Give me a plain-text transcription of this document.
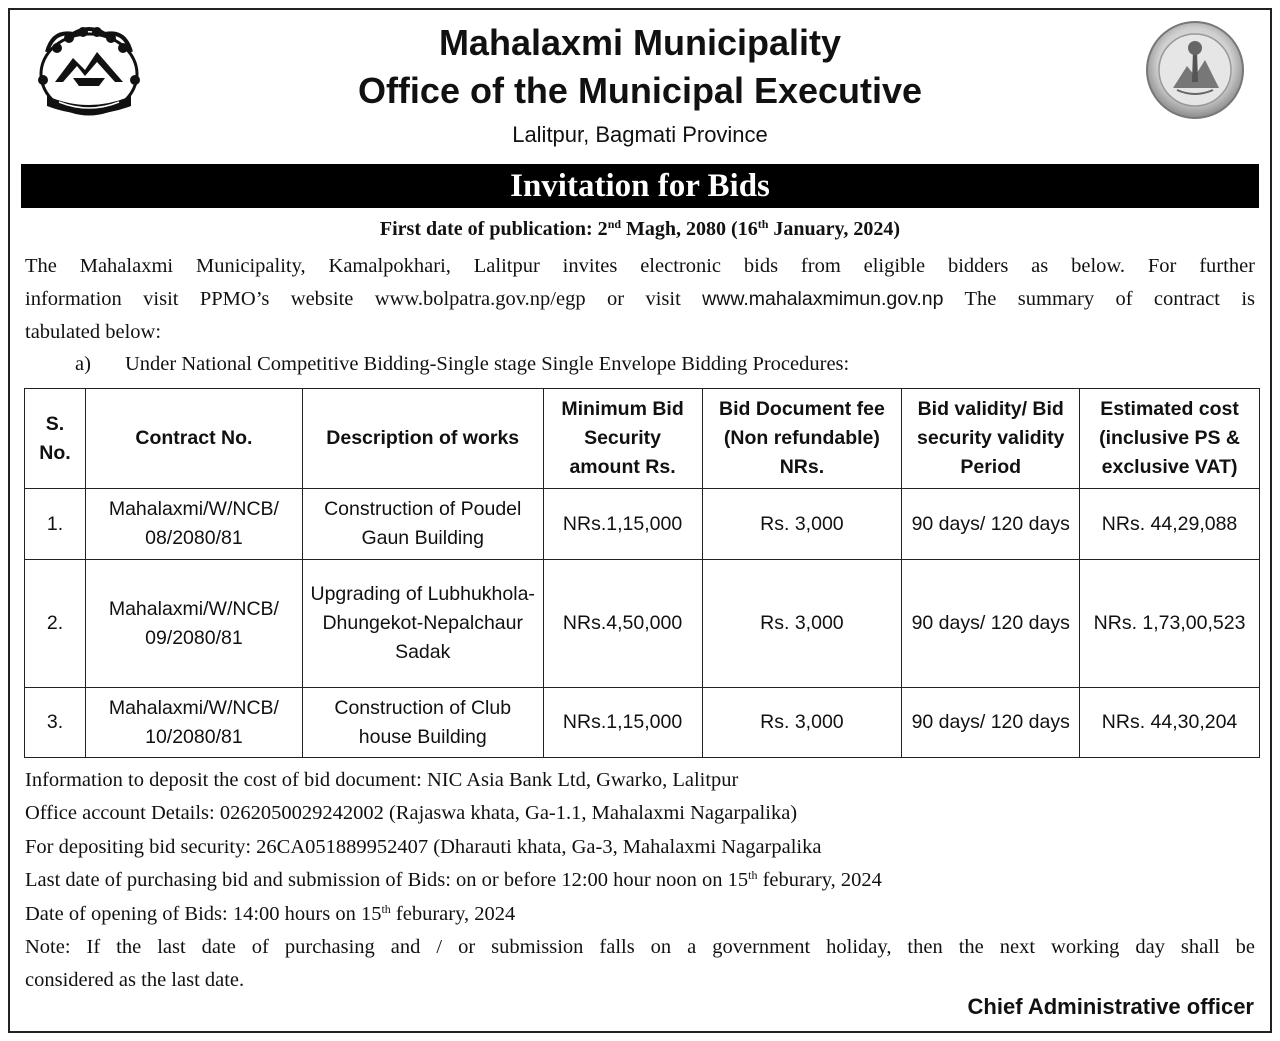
Mahalaxmi Municipality
Office of the Municipal Executive
Lalitpur, Bagmati Province
Invitation for Bids
First date of publication: 2nd Magh, 2080 (16th January, 2024)
The Mahalaxmi Municipality, Kamalpokhari, Lalitpur invites electronic bids from eligible bidders as below. For further
information visit PPMO’s website www.bolpatra.gov.np/egp or visit www.mahalaxmimun.gov.np The summary of contract is
tabulated below:
a) Under National Competitive Bidding-Single stage Single Envelope Bidding Procedures:
S. No.	Contract No.	Description of works	Minimum Bid Security amount Rs.	Bid Document fee (Non refundable) NRs.	Bid validity/ Bid security validity Period	Estimated cost (inclusive PS & exclusive VAT)
1.	Mahalaxmi/W/NCB/ 08/2080/81	Construction of Poudel Gaun Building	NRs.1,15,000	Rs. 3,000	90 days/ 120 days	NRs. 44,29,088
2.	Mahalaxmi/W/NCB/ 09/2080/81	Upgrading of Lubhukhola-Dhungekot-Nepalchaur Sadak	NRs.4,50,000	Rs. 3,000	90 days/ 120 days	NRs. 1,73,00,523
3.	Mahalaxmi/W/NCB/ 10/2080/81	Construction of Club house Building	NRs.1,15,000	Rs. 3,000	90 days/ 120 days	NRs. 44,30,204
Information to deposit the cost of bid document: NIC Asia Bank Ltd, Gwarko, Lalitpur
Office account Details: 0262050029242002 (Rajaswa khata, Ga-1.1, Mahalaxmi Nagarpalika)
For depositing bid security: 26CA051889952407 (Dharauti khata, Ga-3, Mahalaxmi Nagarpalika
Last date of purchasing bid and submission of Bids: on or before 12:00 hour noon on 15th feburary, 2024
Date of opening of Bids: 14:00 hours on 15th feburary, 2024
Note: If the last date of purchasing and / or submission falls on a government holiday, then the next working day shall be
considered as the last date.
Chief Administrative officer
